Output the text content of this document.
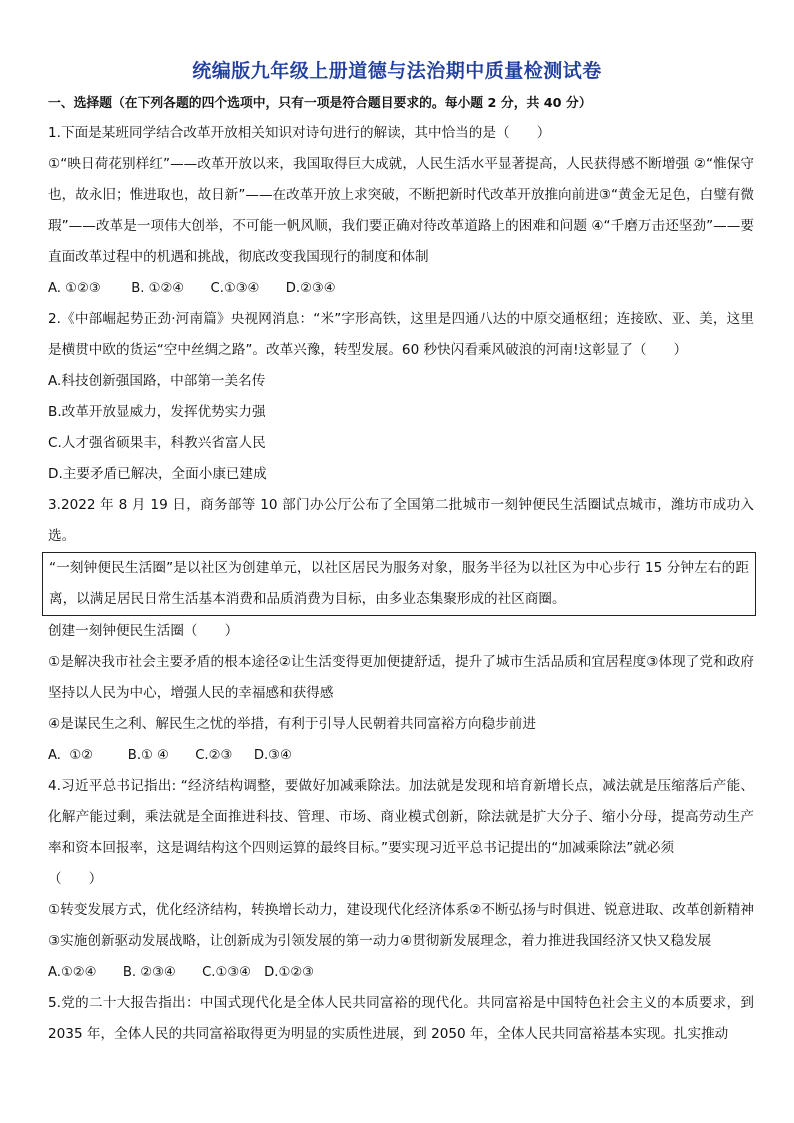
统编版九年级上册道德与法治期中质量检测试卷

一、选择题（在下列各题的四个选项中，只有一项是符合题目要求的。每小题 2 分，共 40 分）

1.下面是某班同学结合改革开放相关知识对诗句进行的解读，其中恰当的是（　　）

①“映日荷花别样红”——改革开放以来，我国取得巨大成就，人民生活水平显著提高，人民获得感不断增强 ②“惟保守也，故永旧；惟进取也，故日新”——在改革开放上求突破，不断把新时代改革开放推向前进③“黄金无足色，白璧有微瑕”——改革是一项伟大创举，不可能一帆风顺，我们要正确对待改革道路上的困难和问题 ④“千磨万击还坚劲”——要直面改革过程中的机遇和挑战，彻底改变我国现行的制度和体制

A. ①②③　　 B. ①②④　　C.①③④　　D.②③④

2.《中部崛起势正劲·河南篇》央视网消息：“米”字形高铁，这里是四通八达的中原交通枢纽；连接欧、亚、美，这里是横贯中欧的货运“空中丝绸之路”。改革兴豫，转型发展。60 秒快闪看乘风破浪的河南!这彰显了（　　）

A.科技创新强国路，中部第一美名传

B.改革开放显威力，发挥优势实力强

C.人才强省硕果丰，科教兴省富人民

D.主要矛盾已解决，全面小康已建成

3.2022 年 8 月 19 日，商务部等 10 部门办公厅公布了全国第二批城市一刻钟便民生活圈试点城市，潍坊市成功入选。

“一刻钟便民生活圈”是以社区为创建单元，以社区居民为服务对象，服务半径为以社区为中心步行 15 分钟左右的距离，以满足居民日常生活基本消费和品质消费为目标，由多业态集聚形成的社区商圈。

创建一刻钟便民生活圈（　　）

①是解决我市社会主要矛盾的根本途径②让生活变得更加便捷舒适，提升了城市生活品质和宜居程度③体现了党和政府坚持以人民为中心，增强人民的幸福感和获得感

④是谋民生之利、解民生之忧的举措，有利于引导人民朝着共同富裕方向稳步前进

A.  ①②　　  B.① ④　　C.②③　  D.③④

4.习近平总书记指出: “经济结构调整，要做好加减乘除法。加法就是发现和培育新增长点，减法就是压缩落后产能、化解产能过剩，乘法就是全面推进科技、管理、市场、商业模式创新，除法就是扩大分子、缩小分母，提高劳动生产率和资本回报率，这是调结构这个四则运算的最终目标。”要实现习近平总书记提出的“加减乘除法”就必须

（　　）

①转变发展方式，优化经济结构，转换增长动力，建设现代化经济体系②不断弘扬与时俱进、锐意进取、改革创新精神③实施创新驱动发展战略，让创新成为引领发展的第一动力④贯彻新发展理念，着力推进我国经济又快又稳发展

A.①②④　　B. ②③④　　C.①③④　D.①②③

5.党的二十大报告指出：中国式现代化是全体人民共同富裕的现代化。共同富裕是中国特色社会主义的本质要求，到 2035 年，全体人民的共同富裕取得更为明显的实质性进展，到 2050 年，全体人民共同富裕基本实现。扎实推动
